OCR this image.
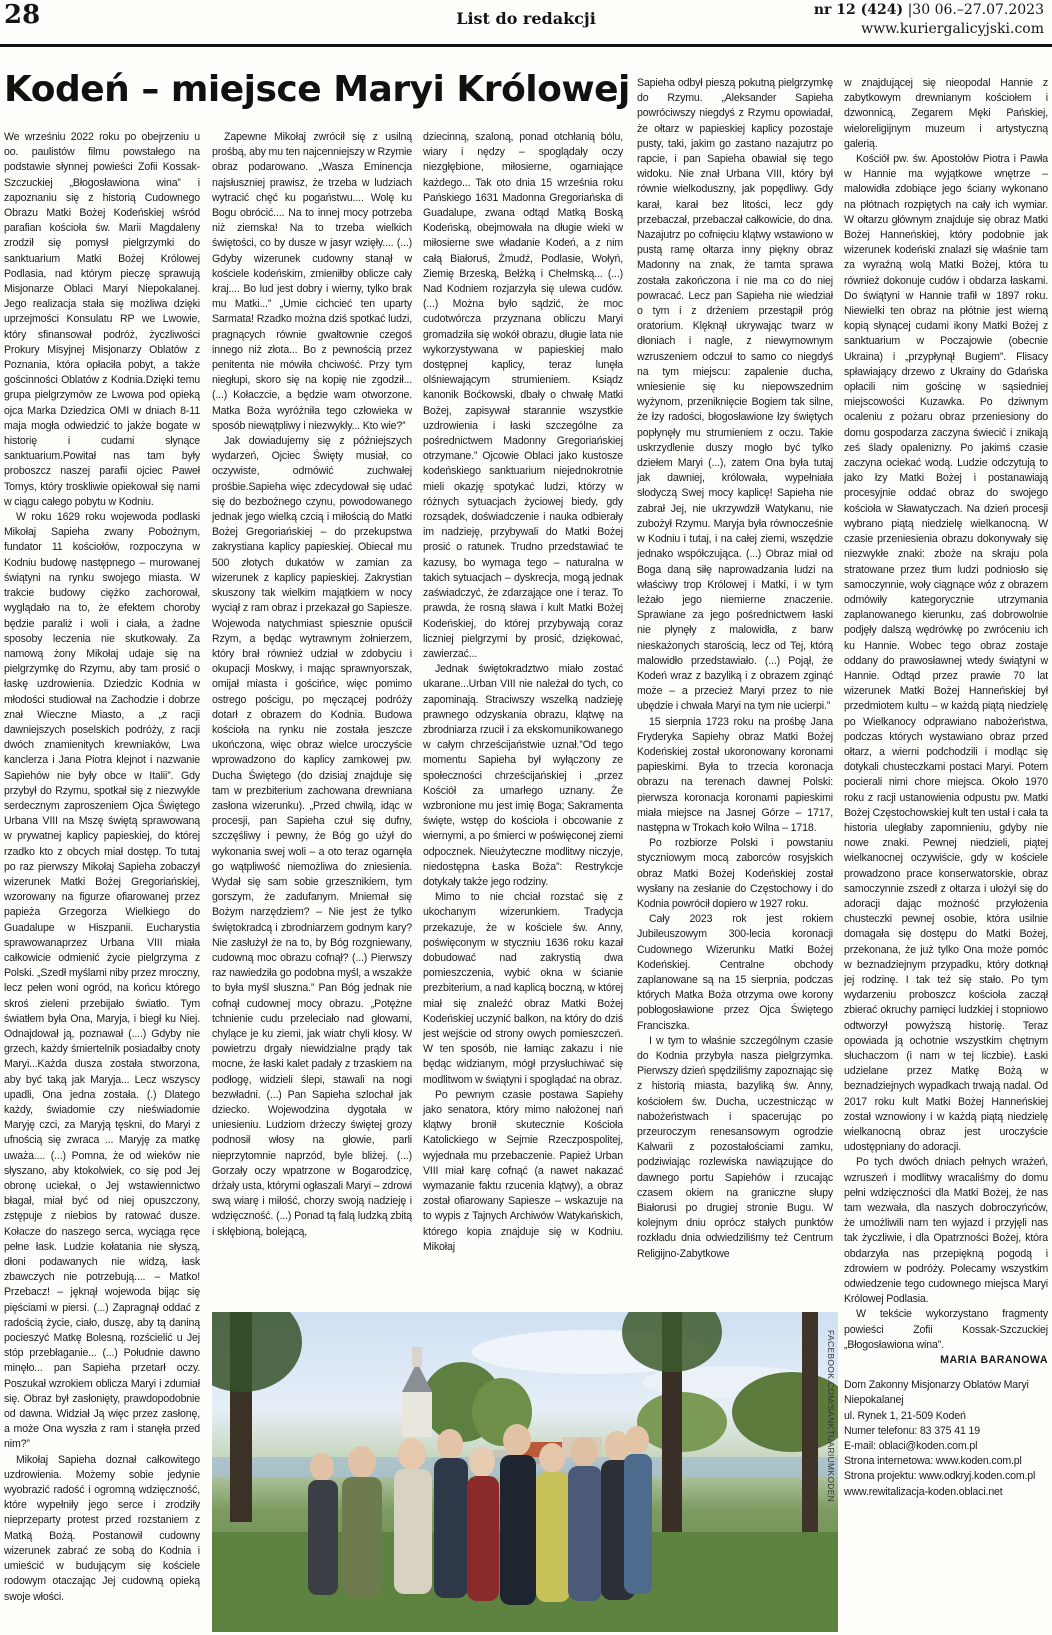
28	List do redakcji	nr 12 (424) |30 06.–27.07.2023
www.kuriergalicyjski.com
Kodeń – miejsce Maryi Królowej

We wrześniu 2022 roku po obejrzeniu u oo. paulistów filmu powstałego na podstawie słynnej powieści Zofii Kossak-Szczuckiej „Błogosławiona wina” i zapoznaniu się z historią Cudownego Obrazu Matki Bożej Kodeńskiej wśród parafian kościoła św. Marii Magdaleny zrodził się pomysł pielgrzymki do sanktuarium Matki Bożej Królowej Podlasia, nad którym pieczę sprawują Misjonarze Oblaci Maryi Niepokalanej. Jego realizacja stała się możliwa dzięki uprzejmości Konsulatu RP we Lwowie, który sfinansował podróż, życzliwości Prokury Misyjnej Misjonarzy Oblatów z Poznania, która opłaciła pobyt, a także gościnności Oblatów z Kodnia.Dzięki temu grupa pielgrzymów ze Lwowa pod opieką ojca Marka Dziedzica OMI w dniach 8-11 maja mogła odwiedzić to jakże bogate w historię i cudami słynące sanktuarium.Powitał nas tam były proboszcz naszej parafii ojciec Paweł Tomys, który troskliwie opiekował się nami w ciągu całego pobytu w Kodniu.

W roku 1629 roku wojewoda podlaski Mikołaj Sapieha zwany Pobożnym, fundator 11 kościołów, rozpoczyna w Kodniu budowę następnego – murowanej świątyni na rynku swojego miasta. W trakcie budowy ciężko zachorował, wyglądało na to, że efektem choroby będzie paraliż i woli i ciała, a żadne sposoby leczenia nie skutkowały. Za namową żony Mikołaj udaje się na pielgrzymkę do Rzymu, aby tam prosić o łaskę uzdrowienia. Dziedzic Kodnia w młodości studiował na Zachodzie i dobrze znał Wieczne Miasto, a „z racji dawniejszych poselskich podróży, z racji dwóch znamienitych krewniaków, Lwa kanclerza i Jana Piotra klejnot i nazwanie Sapiehów nie były obce w Italii”. Gdy przybył do Rzymu, spotkał się z niezwykle serdecznym zaproszeniem Ojca Świętego Urbana VIII na Mszę świętą sprawowaną w prywatnej kaplicy papieskiej, do której rzadko kto z obcych miał dostęp. To tutaj po raz pierwszy Mikołaj Sapieha zobaczył wizerunek Matki Bożej Gregoriańskiej, wzorowany na figurze ofiarowanej przez papieża Grzegorza Wielkiego do Guadalupe w Hiszpanii. Eucharystia sprawowanaprzez Urbana VIII miała całkowicie odmienić życie pielgrzyma z Polski. „Szedł myślami niby przez mroczny, lecz pełen woni ogród, na końcu którego skroś zieleni przebijało światło. Tym światłem była Ona, Maryja, i biegł ku Niej. Odnajdował ją, poznawał (....) Gdyby nie grzech, każdy śmiertelnik posiadałby cnoty Maryi...Każda dusza została stworzona, aby być taką jak Maryja... Lecz wszyscy upadli, Ona jedna została. (.) Dlatego każdy, świadomie czy nieświadomie Maryję czci, za Maryją tęskni, do Maryi z ufnością się zwraca ... Maryję za matkę uważa.... (...) Pomna, że od wieków nie słyszano, aby ktokolwiek, co się pod Jej obronę uciekał, o Jej wstawiennictwo błagał, miał być od niej opuszczony, zstępuje z niebios by ratować dusze. Kołacze do naszego serca, wyciąga ręce pełne łask. Ludzie kołatania nie słyszą, dłoni podawanych nie widzą, łask zbawczych nie potrzebują.... – Matko! Przebacz! – jęknął wojewoda bijąc się pięściami w piersi. (...) Zapragnął oddać z radością życie, ciało, duszę, aby tą daniną pocieszyć Matkę Bolesną, rozścielić u Jej stóp przebłaganie... (...) Południe dawno minęło... pan Sapieha przetarł oczy. Poszukał wzrokiem oblicza Maryi i zdumiał się. Obraz był zasłonięty, prawdopodobnie od dawna. Widział Ją więc przez zasłonę, a może Ona wyszła z ram i stanęła przed nim?”

Mikołaj Sapieha doznał całkowitego uzdrowienia. Możemy sobie jedynie wyobrazić radość i ogromną wdzięczność, które wypełniły jego serce i zrodziły nieprzeparty protest przed rozstaniem z Matką Bożą. Postanowił cudowny wizerunek zabrać ze sobą do Kodnia i umieścić w budującym się kościele rodowym otaczając Jej cudowną opieką swoje włości.

Zapewne Mikołaj zwrócił się z usilną prośbą, aby mu ten najcenniejszy w Rzymie obraz podarowano. „Wasza Eminencja najsłuszniej prawisz, że trzeba w ludziach wytracić chęć ku pogaństwu.... Wolę ku Bogu obrócić.... Na to innej mocy potrzeba niż ziemska! Na to trzeba wielkich świętości, co by dusze w jasyr wzięły.... (...) Gdyby wizerunek cudowny stanął w kościele kodeńskim, zmieniłby oblicze cały kraj.... Bo lud jest dobry i wierny, tylko brak mu Matki...” „Umie cichcieć ten uparty Sarmata! Rzadko można dziś spotkać ludzi, pragnących równie gwałtownie czegoś innego niż złota... Bo z pewnością przez penitenta nie mówiła chciwość. Przy tym niegłupi, skoro się na kopię nie zgodził... (...) Kołaczcie, a będzie wam otworzone. Matka Boża wyróżniła tego człowieka w sposób niewątpliwy i niezwykły... Kto wie?”

Jak dowiadujemy się z późniejszych wydarzeń, Ojciec Święty musiał, co oczywiste, odmówić zuchwałej prośbie.Sapieha więc zdecydował się udać się do bezbożnego czynu, powodowanego jednak jego wielką czcią i miłością do Matki Bożej Gregoriańskiej – do przekupstwa zakrystiana kaplicy papieskiej. Obiecał mu 500 złotych dukatów w zamian za wizerunek z kaplicy papieskiej. Zakrystian skuszony tak wielkim majątkiem w nocy wyciął z ram obraz i przekazał go Sapiesze. Wojewoda natychmiast spiesznie opuścił Rzym, a będąc wytrawnym żołnierzem, który brał również udział w zdobyciu i okupacji Moskwy, i mając sprawnyorszak, omijał miasta i gościńce, więc pomimo ostrego pościgu, po męczącej podróży dotarł z obrazem do Kodnia. Budowa kościoła na rynku nie została jeszcze ukończona, więc obraz wielce uroczyście wprowadzono do kaplicy zamkowej pw. Ducha Świętego (do dzisiaj znajduje się tam w prezbiterium zachowana drewniana zasłona wizerunku). „Przed chwilą, idąc w procesji, pan Sapieha czuł się dufny, szczęśliwy i pewny, że Bóg go użył do wykonania swej woli – a oto teraz ogarnęła go wątpliwość niemożliwa do zniesienia. Wydał się sam sobie grzesznikiem, tym gorszym, że zadufanym. Mniemał się Bożym narzędziem? – Nie jest że tylko świętokradcą i zbrodniarzem godnym kary? Nie zasłużył że na to, by Bóg rozgniewany, cudowną moc obrazu cofnął? (...) Pierwszy raz nawiedziła go podobna myśl, a wszakże to była myśl słuszna.” Pan Bóg jednak nie cofnął cudownej mocy obrazu. „Potężne tchnienie cudu przeleciało nad głowami, chylące je ku ziemi, jak wiatr chyli kłosy. W powietrzu drgały niewidzialne prądy tak mocne, że łaski kalet padały z trzaskiem na podłogę, widzieli ślepi, stawali na nogi bezwładni. (...) Pan Sapieha szlochał jak dziecko. Wojewodzina dygotała w uniesieniu. Ludziom drżeczy świętej grozy podnosił włosy na głowie, parli nieprzytomnie naprzód, byle bliżej. (...) Gorzały oczy wpatrzone w Bogarodzicę, drżały usta, którymi ogłaszali Maryi – zdrowi swą wiarę i miłość, chorzy swoją nadzieję i wdzięczność. (...) Ponad tą falą ludzką zbitą i skłębioną, bolejącą,

dziecinną, szaloną, ponad otchłanią bólu, wiary i nędzy – spoglądały oczy niezgłębione, miłosierne, ogarniające każdego... Tak oto dnia 15 września roku Pańskiego 1631 Madonna Gregoriańska di Guadalupe, zwana odtąd Matką Boską Kodeńską, obejmowała na długie wieki w miłosierne swe władanie Kodeń, a z nim całą Białoruś, Żmudź, Podlasie, Wołyń, Ziemię Brzeską, Bełżką i Chełmską... (...) Nad Kodniem rozjarzyła się ulewa cudów. (...) Można było sądzić, że moc cudotwórcza przyznana obliczu Maryi gromadziła się wokół obrazu, długie lata nie wykorzystywana w papieskiej mało dostępnej kaplicy, teraz lunęła olśniewającym strumieniem. Ksiądz kanonik Boćkowski, dbały o chwałę Matki Bożej, zapisywał starannie wszystkie uzdrowienia i łaski szczególne za pośrednictwem Madonny Gregoriańskiej otrzymane.” Ojcowie Oblaci jako kustosze kodeńskiego sanktuarium niejednokrotnie mieli okazję spotykać ludzi, którzy w różnych sytuacjach życiowej biedy, gdy rozsądek, doświadczenie i nauka odbierały im nadzieję, przybywali do Matki Bożej prosić o ratunek. Trudno przedstawiać te kazusy, bo wymaga tego – naturalna w takich sytuacjach – dyskrecja, mogą jednak zaświadczyć, że zdarzające one i teraz. To prawda, że rosną sława i kult Matki Bożej Kodeńskiej, do której przybywają coraz liczniej pielgrzymi by prosić, dziękować, zawierzać...

Jednak świętokradztwo miało zostać ukarane...Urban VIII nie należał do tych, co zapominają. Straciwszy wszelką nadzieję prawnego odzyskania obrazu, klątwę na zbrodniarza rzucił i za ekskomunikowanego w całym chrześcijaństwie uznał.”Od tego momentu Sapieha był wyłączony ze społeczności chrześcijańskiej i „przez Kościół za umarłego uznany. Że wzbronione mu jest imię Boga; Sakramenta święte, wstęp do kościoła i obcowanie z wiernymi, a po śmierci w poświęconej ziemi odpocznek. Nieużyteczne modlitwy niczyje, niedostępna Łaska Boża”: Restrykcje dotykały także jego rodziny.

Mimo to nie chciał rozstać się z ukochanym wizerunkiem. Tradycja przekazuje, że w kościele św. Anny, poświęconym w styczniu 1636 roku kazał dobudować nad zakrystią dwa pomieszczenia, wybić okna w ścianie prezbiterium, a nad kaplicą boczną, w której miał się znaleźć obraz Matki Bożej Kodeńskiej uczynić balkon, na który do dziś jest wejście od strony owych pomieszczeń. W ten sposób, nie łamiąc zakazu i nie będąc widzianym, mógł przysłuchiwać się modlitwom w świątyni i spoglądać na obraz.

Po pewnym czasie postawa Sapiehy jako senatora, który mimo nałożonej nań klątwy bronił skutecznie Kościoła Katolickiego w Sejmie Rzeczpospolitej, wyjednała mu przebaczenie. Papież Urban VIII miał karę cofnąć (a nawet nakazać wymazanie faktu rzucenia klątwy), a obraz został ofiarowany Sapiesze – wskazuje na to wypis z Tajnych Archiwów Watykańskich, którego kopia znajduje się w Kodniu. Mikołaj

Sapieha odbył pieszą pokutną pielgrzymkę do Rzymu. „Aleksander Sapieha powróciwszy niegdyś z Rzymu opowiadał, że ołtarz w papieskiej kaplicy pozostaje pusty, taki, jakim go zastano nazajutrz po rapcie, i pan Sapieha obawiał się tego widoku. Nie znał Urbana VIII, który był równie wielkoduszny, jak popędliwy. Gdy karał, karał bez litości, lecz gdy przebaczał, przebaczał całkowicie, do dna. Nazajutrz po cofnięciu klątwy wstawiono w pustą ramę ołtarza inny piękny obraz Madonny na znak, że tamta sprawa została zakończona i nie ma co do niej powracać. Lecz pan Sapieha nie wiedział o tym i z drżeniem przestąpił próg oratorium. Klęknął ukrywając twarz w dłoniach i nagle, z niewymownym wzruszeniem odczuł to samo co niegdyś na tym miejscu: zapalenie ducha, wniesienie się ku niepowszednim wyżynom, przeniknięcie Bogiem tak silne, że łzy radości, błogosławione łzy świętych popłynęły mu strumieniem z oczu. Takie uskrzydlenie duszy mogło być tylko dziełem Maryi (...), zatem Ona była tutaj jak dawniej, królowała, wypełniała słodyczą Swej mocy kaplicę! Sapieha nie zabrał Jej, nie ukrzywdził Watykanu, nie zubożył Rzymu. Maryja była równocześnie w Kodniu i tutaj, i na całej ziemi, wszędzie jednako współczująca. (...) Obraz miał od Boga daną siłę naprowadzania ludzi na właściwy trop Królowej i Matki, i w tym leżało jego niemierne znaczenie. Sprawiane za jego pośrednictwem łaski nie płynęły z malowidła, z barw nieskażonych starością, lecz od Tej, którą malowidło przedstawiało. (...) Pojął, że Kodeń wraz z bazyliką i z obrazem zginąć może – a przecież Maryi przez to nie ubędzie i chwała Maryi na tym nie ucierpi.”

15 sierpnia 1723 roku na prośbę Jana Fryderyka Sapiehy obraz Matki Bożej Kodeńskiej został ukoronowany koronami papieskimi. Była to trzecia koronacja obrazu na terenach dawnej Polski: pierwsza koronacja koronami papieskimi miała miejsce na Jasnej Górze – 1717, następna w Trokach koło Wilna – 1718.

Po rozbiorze Polski i powstaniu styczniowym mocą zaborców rosyjskich obraz Matki Bożej Kodeńskiej został wysłany na zesłanie do Częstochowy i do Kodnia powrócił dopiero w 1927 roku.

Cały 2023 rok jest rokiem Jubileuszowym 300-lecia koronacji Cudownego Wizerunku Matki Bożej Kodeńskiej. Centralne obchody zaplanowane są na 15 sierpnia, podczas których Matka Boża otrzyma owe korony pobłogosławione przez Ojca Świętego Franciszka.

I w tym to właśnie szczególnym czasie do Kodnia przybyła nasza pielgrzymka. Pierwszy dzień spędziliśmy zapoznając się z historią miasta, bazyliką św. Anny, kościołem św. Ducha, uczestnicząc w nabożeństwach i spacerując po przeuroczym renesansowym ogrodzie Kalwarii z pozostałościami zamku, podziwiając rozlewiska nawiązujące do dawnego portu Sapiehów i rzucając czasem okiem na graniczne słupy Białorusi po drugiej stronie Bugu. W kolejnym dniu oprócz stałych punktów rozkładu dnia odwiedziliśmy też Centrum Religijno-Zabytkowe

w znajdującej się nieopodal Hannie z zabytkowym drewnianym kościołem i dzwonnicą, Zegarem Męki Pańskiej, wieloreligijnym muzeum i artystyczną galerią.

Kościół pw. św. Apostołów Piotra i Pawła w Hannie ma wyjątkowe wnętrze – malowidła zdobiące jego ściany wykonano na płótnach rozpiętych na cały ich wymiar. W ołtarzu głównym znajduje się obraz Matki Bożej Hanneńskiej, który podobnie jak wizerunek kodeński znalazł się właśnie tam za wyraźną wolą Matki Bożej, która tu również dokonuje cudów i obdarza łaskami. Do świątyni w Hannie trafił w 1897 roku. Niewielki ten obraz na płótnie jest wierną kopią słynącej cudami ikony Matki Bożej z sanktuarium w Poczajowie (obecnie Ukraina) i „przypłynął Bugiem”. Flisacy spławiający drzewo z Ukrainy do Gdańska opłacili nim gościnę w sąsiedniej miejscowości Kuzawka. Po dziwnym ocaleniu z pożaru obraz przeniesiony do domu gospodarza zaczyna świecić i znikają ześ ślady opalenizny. Po jakimś czasie zaczyna ociekać wodą. Ludzie odczytują to jako łzy Matki Bożej i postanawiają procesyjnie oddać obraz do swojego kościoła w Sławatyczach. Na dzień procesji wybrano piątą niedzielę wielkanocną. W czasie przeniesienia obrazu dokonywały się niezwykłe znaki: zboże na skraju pola stratowane przez tłum ludzi podniosło się samoczynnie, woły ciągnące wóz z obrazem odmówiły kategorycznie utrzymania zaplanowanego kierunku, zaś dobrowolnie podjęły dalszą wędrówkę po zwróceniu ich ku Hannie. Wobec tego obraz zostaje oddany do prawosławnej wtedy świątyni w Hannie. Odtąd przez prawie 70 lat wizerunek Matki Bożej Hanneńskiej był przedmiotem kultu – w każdą piątą niedzielę po Wielkanocy odprawiano nabożeństwa, podczas których wystawiano obraz przed ołtarz, a wierni podchodzili i modląc się dotykali chusteczkami postaci Maryi. Potem pocierali nimi chore miejsca. Około 1970 roku z racji ustanowienia odpustu pw. Matki Bożej Częstochowskiej kult ten ustał i cała ta historia uległaby zapomnieniu, gdyby nie nowe znaki. Pewnej niedzieli, piątej wielkanocnej oczywiście, gdy w kościele prowadzono prace konserwatorskie, obraz samoczynnie zszedł z ołtarza i ułożył się do adoracji dając możność przyłożenia chusteczki pewnej osobie, która usilnie domagała się dostępu do Matki Bożej, przekonana, że już tylko Ona może pomóc w beznadziejnym przypadku, który dotknął jej rodzinę. I tak też się stało. Po tym wydarzeniu proboszcz kościoła zaczął zbierać okruchy pamięci ludzkiej i stopniowo odtworzył powyższą historię. Teraz opowiada ją ochotnie wszystkim chętnym słuchaczom (i nam w tej liczbie). Łaski udzielane przez Matkę Bożą w beznadziejnych wypadkach trwają nadal. Od 2017 roku kult Matki Bożej Hanneńskiej został wznowiony i w każdą piątą niedzielę wielkanocną obraz jest uroczyście udostępniany do adoracji.

Po tych dwóch dniach pełnych wrażeń, wzruszeń i modlitwy wracaliśmy do domu pełni wdzięczności dla Matki Bożej, że nas tam wezwała, dla naszych dobroczyńców, że umożliwili nam ten wyjazd i przyjęli nas tak życzliwie, i dla Opatrzności Bożej, która obdarzyła nas przepiękną pogodą i zdrowiem w podróży. Polecamy wszystkim odwiedzenie tego cudownego miejsca Maryi Królowej Podlasia.

W tekście wykorzystano fragmenty powieści Zofii Kossak-Szczuckiej „Błogosławiona wina”.

MARIA BARANOWA

Dom Zakonny Misjonarzy Oblatów Maryi Niepokalanej
ul. Rynek 1, 21-509 Kodeń
Numer telefonu: 83 375 41 19
E-mail: oblaci@koden.com.pl
Strona internetowa: www.koden.com.pl
Strona projektu: www.odkryj.koden.com.pl
www.rewitalizacja-koden.oblaci.net
FACEBOOK.COM/SANKTUARIUMKODEN
